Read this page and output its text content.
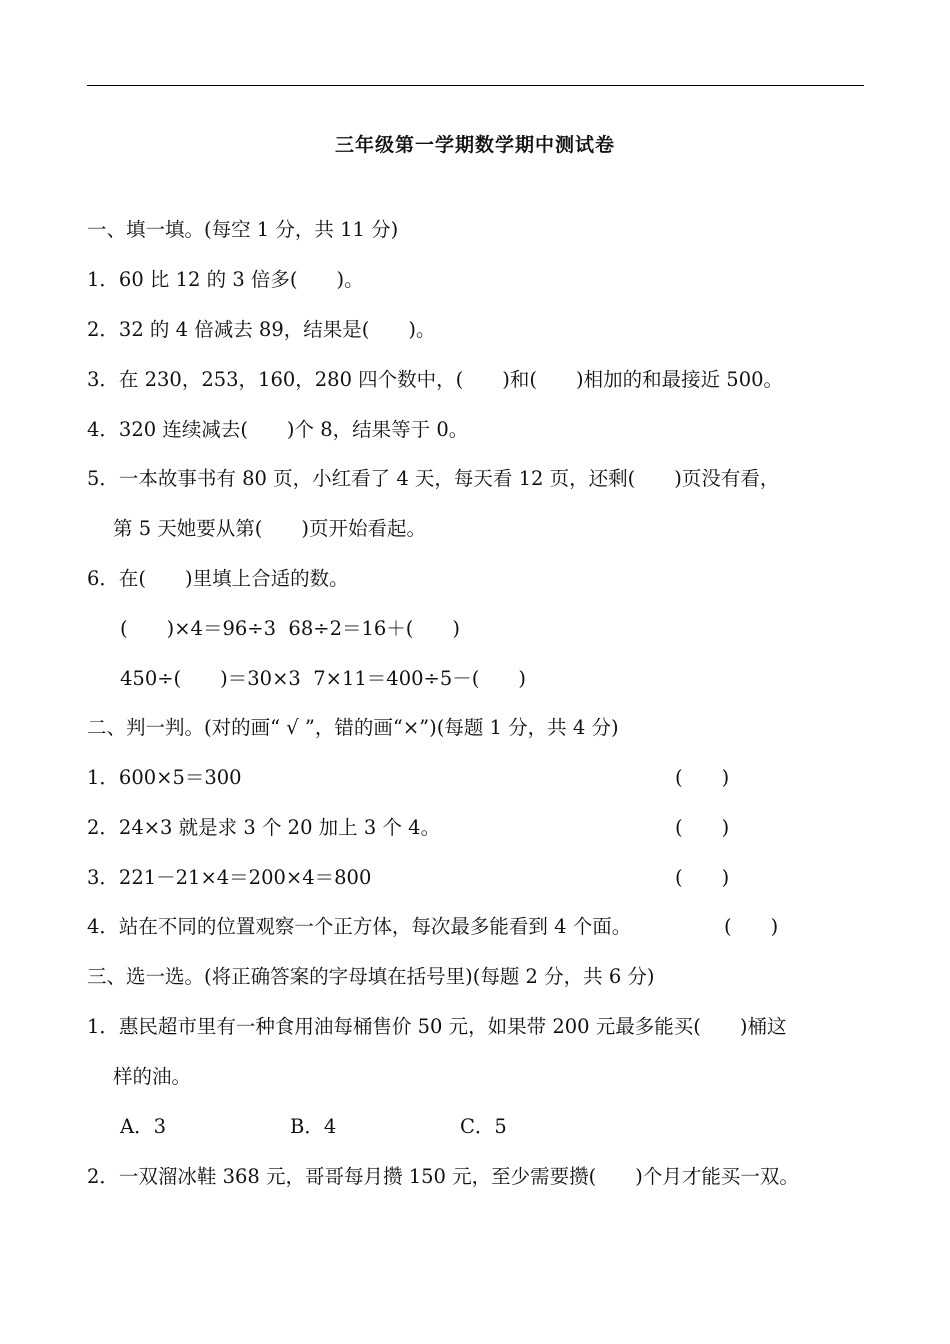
三年级第一学期数学期中测试卷
一、填一填。(每空 1 分，共 11 分)
1．60 比 12 的 3 倍多(　　)。
2．32 的 4 倍减去 89，结果是(　　)。
3．在 230，253，160，280 四个数中，(　　)和(　　)相加的和最接近 500。
4．320 连续减去(　　)个 8，结果等于 0。
5．一本故事书有 80 页，小红看了 4 天，每天看 12 页，还剩(　　)页没有看，
第 5 天她要从第(　　)页开始看起。
6．在(　　)里填上合适的数。
(　　)×4＝96÷3  68÷2＝16＋(　　)
450÷(　　)＝30×3  7×11＝400÷5－(　　)
二、判一判。(对的画“ √ ”，错的画“×”)(每题 1 分，共 4 分)
1．600×5＝300	(　　)
2．24×3 就是求 3 个 20 加上 3 个 4。	(　　)
3．221－21×4＝200×4＝800	(　　)
4．站在不同的位置观察一个正方体，每次最多能看到 4 个面。	(　　)
三、选一选。(将正确答案的字母填在括号里)(每题 2 分，共 6 分)
1．惠民超市里有一种食用油每桶售价 50 元，如果带 200 元最多能买(　　)桶这
样的油。
A．3	B．4	C．5
2．一双溜冰鞋 368 元，哥哥每月攒 150 元，至少需要攒(　　)个月才能买一双。
